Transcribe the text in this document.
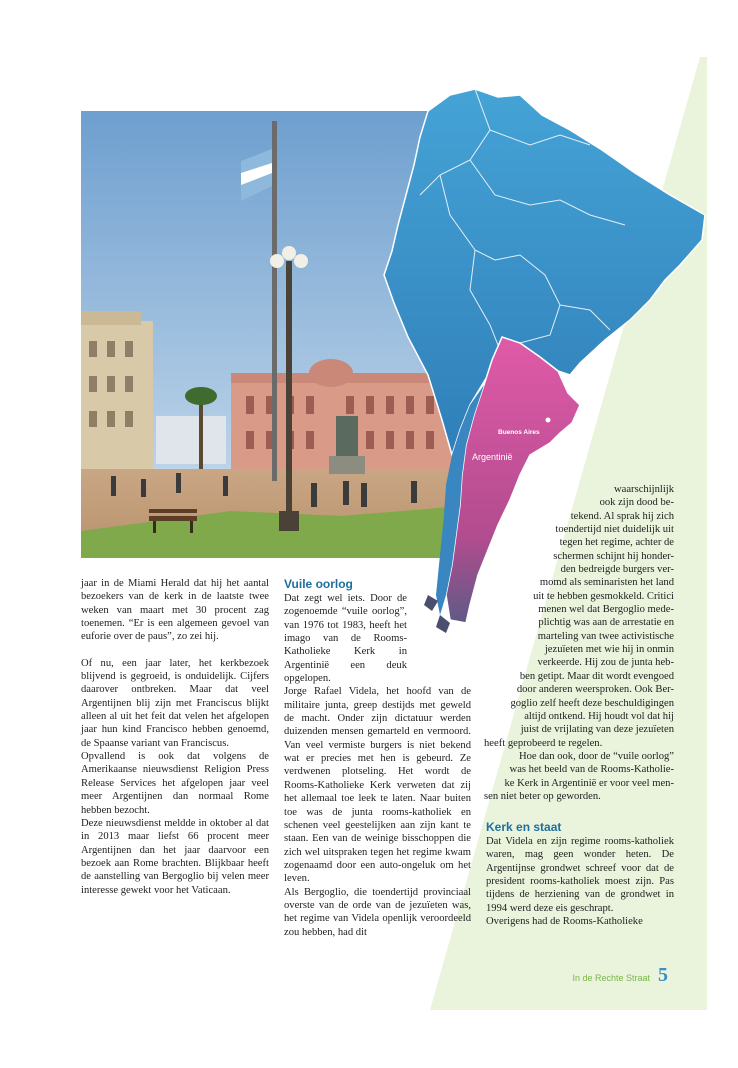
Buenos Aires
Argentinië

jaar in de Miami Herald dat hij het aantal bezoekers van de kerk in de laatste twee weken van maart met 30 procent zag toenemen. “Er is een algemeen gevoel van euforie over de paus”, zo zei hij.

Of nu, een jaar later, het kerkbezoek blijvend is gegroeid, is onduidelijk. Cijfers daarover ontbreken. Maar dat veel Argentijnen blij zijn met Franciscus blijkt alleen al uit het feit dat velen het afgelopen jaar hun kind Francisco hebben genoemd, de Spaanse variant van Franciscus.

Opvallend is ook dat volgens de Amerikaanse nieuwsdienst Religion Press Release Services het afgelopen jaar veel meer Argentijnen dan normaal Rome hebben bezocht.

Deze nieuwsdienst meldde in oktober al dat in 2013 maar liefst 66 procent meer Argentijnen dan het jaar daarvoor een bezoek aan Rome brachten. Blijkbaar heeft de aanstelling van Bergoglio bij velen meer interesse gewekt voor het Vaticaan.

Vuile oorlog

Dat zegt wel iets. Door de zogenoemde “vuile oorlog”, van 1976 tot 1983, heeft het imago van de Rooms-Katholieke Kerk in Argentinië een deuk opgelopen.

Jorge Rafael Videla, het hoofd van de militaire junta, greep destijds met geweld de macht. Onder zijn dictatuur werden duizenden mensen gemarteld en vermoord. Van veel vermiste burgers is niet bekend wat er precies met hen is gebeurd. Ze verdwenen plotseling. Het wordt de Rooms-Katholieke Kerk verweten dat zij het allemaal toe leek te laten. Naar buiten toe was de junta rooms-katholiek en schenen veel geestelijken aan zijn kant te staan. Een van de weinige bisschoppen die zich wel uitspraken tegen het regime kwam zogenaamd door een auto-ongeluk om het leven.

Als Bergoglio, die toendertijd provinciaal overste van de orde van de jezuïeten was, het regime van Videla openlijk veroordeeld zou hebben, had dit

waarschijnlijk
ook zijn dood be-
tekend. Al sprak hij zich
toendertijd niet duidelijk uit
tegen het regime, achter de
schermen schijnt hij honder-
den bedreigde burgers ver-
momd als seminaristen het land
uit te hebben gesmokkeld. Critici
menen wel dat Bergoglio mede-
plichtig was aan de arrestatie en
marteling van twee activistische
jezuïeten met wie hij in onmin
verkeerde. Hij zou de junta heb-
ben getipt. Maar dit wordt evengoed
door anderen weersproken. Ook Ber-
goglio zelf heeft deze beschuldigingen
altijd ontkend. Hij houdt vol dat hij
juist de vrijlating van deze jezuïeten
heeft geprobeerd te regelen.
Hoe dan ook, door de “vuile oorlog”
was het beeld van de Rooms-Katholie-
ke Kerk in Argentinië er voor veel men-
sen niet beter op geworden.
Kerk en staat

Dat Videla en zijn regime rooms-katholiek waren, mag geen wonder heten. De Argentijnse grondwet schreef voor dat de president rooms-katholiek moest zijn. Pas tijdens de herziening van de grondwet in 1994 werd deze eis geschrapt.

Overigens had de Rooms-Katholieke

In de Rechte Straat 5
